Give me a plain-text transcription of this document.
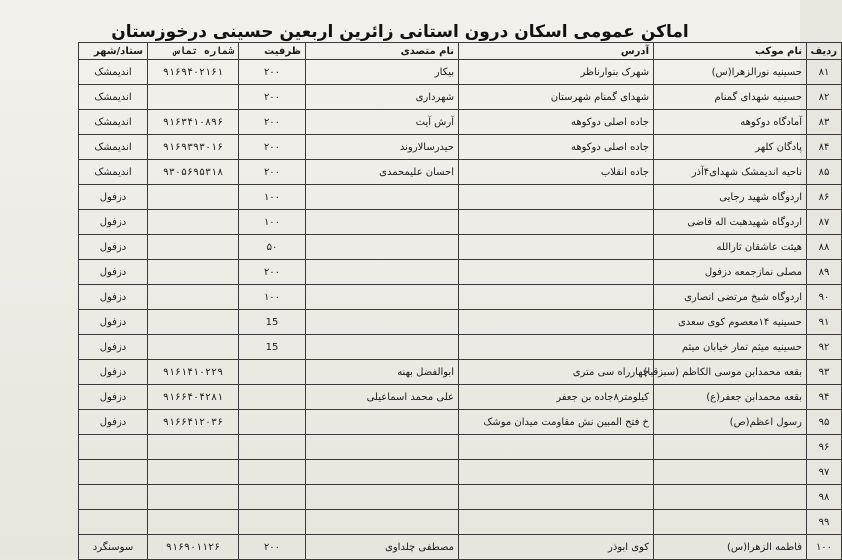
اماکن عمومی اسکان درون استانی زائرین اربعین حسینی درخوزستان
ردیف	نام موکب	آدرس	نام متصدی	ظرفیت	شماره تماس	ستاد/شهر
۸۱	حسینیه نورالزهرا(س)	شهرک بنوارناظر	بیکار	۲۰۰	۹۱۶۹۴۰۲۱۶۱	اندیمشک
۸۲	حسینیه شهدای گمنام	شهدای گمنام شهرستان	شهرداری	۲۰۰		اندیمشک
۸۳	آمادگاه دوکوهه	جاده اصلی دوکوهه	آرش آیت	۲۰۰	۹۱۶۳۴۱۰۸۹۶	اندیمشک
۸۴	پادگان کلهر	جاده اصلی دوکوهه	حیدرسالاروند	۲۰۰	۹۱۶۹۳۹۳۰۱۶	اندیمشک
۸۵	ناحیه اندیمشک شهدای۴آذر	جاده انقلاب	احسان علیمحمدی	۲۰۰	۹۳۰۵۶۹۵۳۱۸	اندیمشک
۸۶	اردوگاه شهید رجایی			۱۰۰		دزفول
۸۷	اردوگاه شهیدهبت اله قاضی			۱۰۰		دزفول
۸۸	هیئت عاشقان ثارالله			۵۰		دزفول
۸۹	مصلی نمازجمعه دزفول			۲۰۰		دزفول
۹۰	اردوگاه شیخ مرتضی انصاری			۱۰۰		دزفول
۹۱	حسینیه ۱۴معصوم کوی سعدی			15		دزفول
۹۲	حسینیه میثم تمار خیابان میثم			15		دزفول
۹۳	بقعه محمدابن موسی الکاظم (سبزقبا)	چهارراه سی متری	ابوالفضل بهنه		۹۱۶۱۴۱۰۲۲۹	دزفول
۹۴	بقعه محمدابن جعفر(ع)	کیلومتر۸جاده بن جعفر	علی محمد اسماعیلی		۹۱۶۶۴۰۴۲۸۱	دزفول
۹۵	رسول اعظم(ص)	خ فتح المبین نش مقاومت میدان موشک			۹۱۶۶۴۱۲۰۳۶	دزفول
۹۶						
۹۷						
۹۸						
۹۹						
۱۰۰	فاطمه الزهرا(س)	کوی ابوذر	مصطفی چلداوی	۲۰۰	۹۱۶۹۰۱۱۲۶	سوسنگرد
